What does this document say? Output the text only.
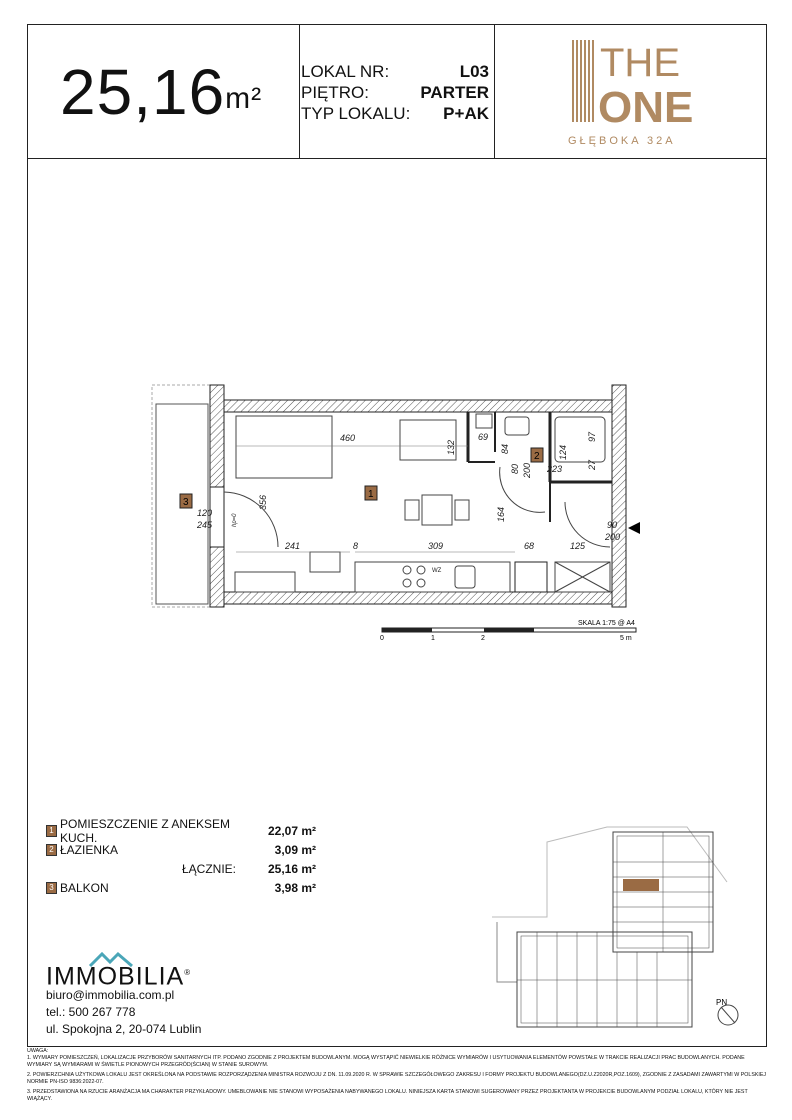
25,16m²
LOKAL NR:	L03
PIĘTRO:	PARTER
TYP LOKALU: P+AK
THE
ONE
GŁĘBOKA 32A
460
132
69
84
223
97
124
80 200	27
356
120
245	hp=0
241	8	309	68	125
164
90
200
WZ
1
2
3
SKALA 1:75 @ A4
0	1	2	5 m
1 POMIESZCZENIE Z ANEKSEM KUCH.	22,07 m²
2 ŁAZIENKA	3,09 m²
ŁĄCZNIE:	25,16 m²
3 BALKON	3,98 m²
IMMOBILIA®
biuro@immobilia.com.pl
tel.: 500 267 778
ul. Spokojna 2, 20-074 Lublin
PN
UWAGA:
1. WYMIARY POMIESZCZEŃ, LOKALIZACJE PRZYBORÓW SANITARNYCH ITP. PODANO ZGODNIE Z PROJEKTEM BUDOWLANYM. MOGĄ WYSTĄPIĆ NIEWIELKIE RÓŻNICE WYMIARÓW I USYTUOWANIA ELEMENTÓW POWSTAŁE W TRAKCIE REALIZACJI PRAC BUDOWLANYCH. PODANE WYMIARY SĄ WYMIARAMI W ŚWIETLE PIONOWYCH PRZEGRÓD(ŚCIAN) W STANIE SUROWYM.
2. POWIERZCHNIA UŻYTKOWA LOKALU JEST OKREŚLONA NA PODSTAWIE ROZPORZĄDZENIA MINISTRA ROZWOJU Z DN. 11.09.2020 R. W SPRAWIE SZCZEGÓŁOWEGO ZAKRESU I FORMY PROJEKTU BUDOWLANEGO(DZ.U.Z2020R,POZ.1609), ZGODNIE Z ZASADAMI ZAWARTYMI W POLSKIEJ NORMIE PN-ISO 9836:2022-07.
3. PRZEDSTAWIONA NA RZUCIE ARANŻACJA MA CHARAKTER PRZYKŁADOWY. UMEBLOWANIE NIE STANOWI WYPOSAŻENIA NABYWANEGO LOKALU. NINIEJSZA KARTA STANOWI SUGEROWANY PRZEZ PROJEKTANTA W PROJEKCIE BUDOWLANYM PODZIAŁ LOKALU, KTÓRY NIE JEST WIĄŻĄCY.
